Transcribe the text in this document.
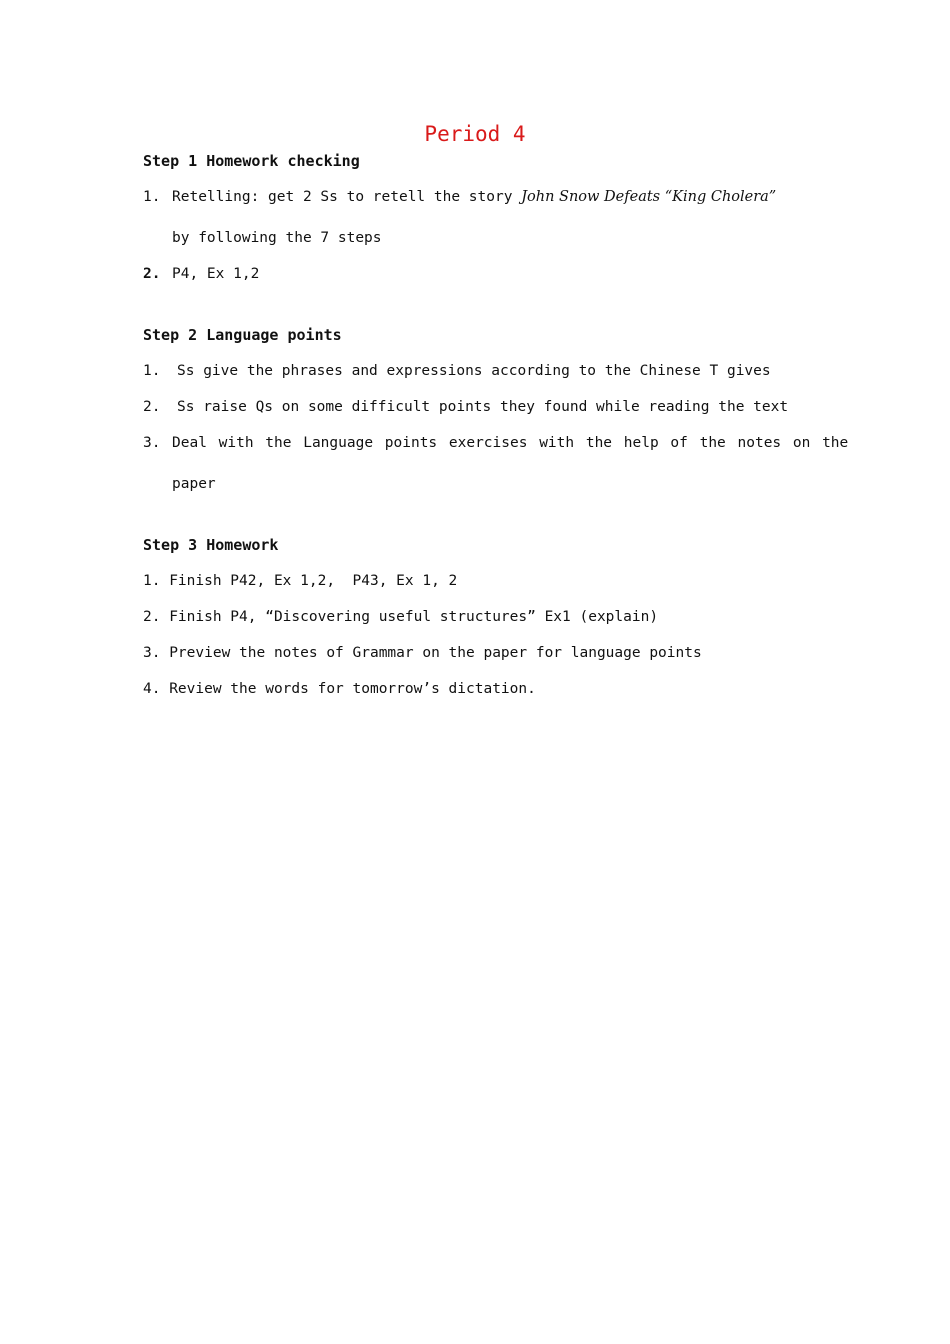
Period 4
Step 1 Homework checking
1. Retelling: get 2 Ss to retell the story John Snow Defeats “King Cholera”
by following the 7 steps
2. P4, Ex 1,2
Step 2 Language points
1. Ss give the phrases and expressions according to the Chinese T gives
2. Ss raise Qs on some difficult points they found while reading the text
3. Deal with the Language points exercises with the help of the notes on the
paper
Step 3 Homework
1. Finish P42, Ex 1,2,  P43, Ex 1, 2
2. Finish P4, “Discovering useful structures” Ex1 (explain)
3. Preview the notes of Grammar on the paper for language points
4. Review the words for tomorrow’s dictation.
